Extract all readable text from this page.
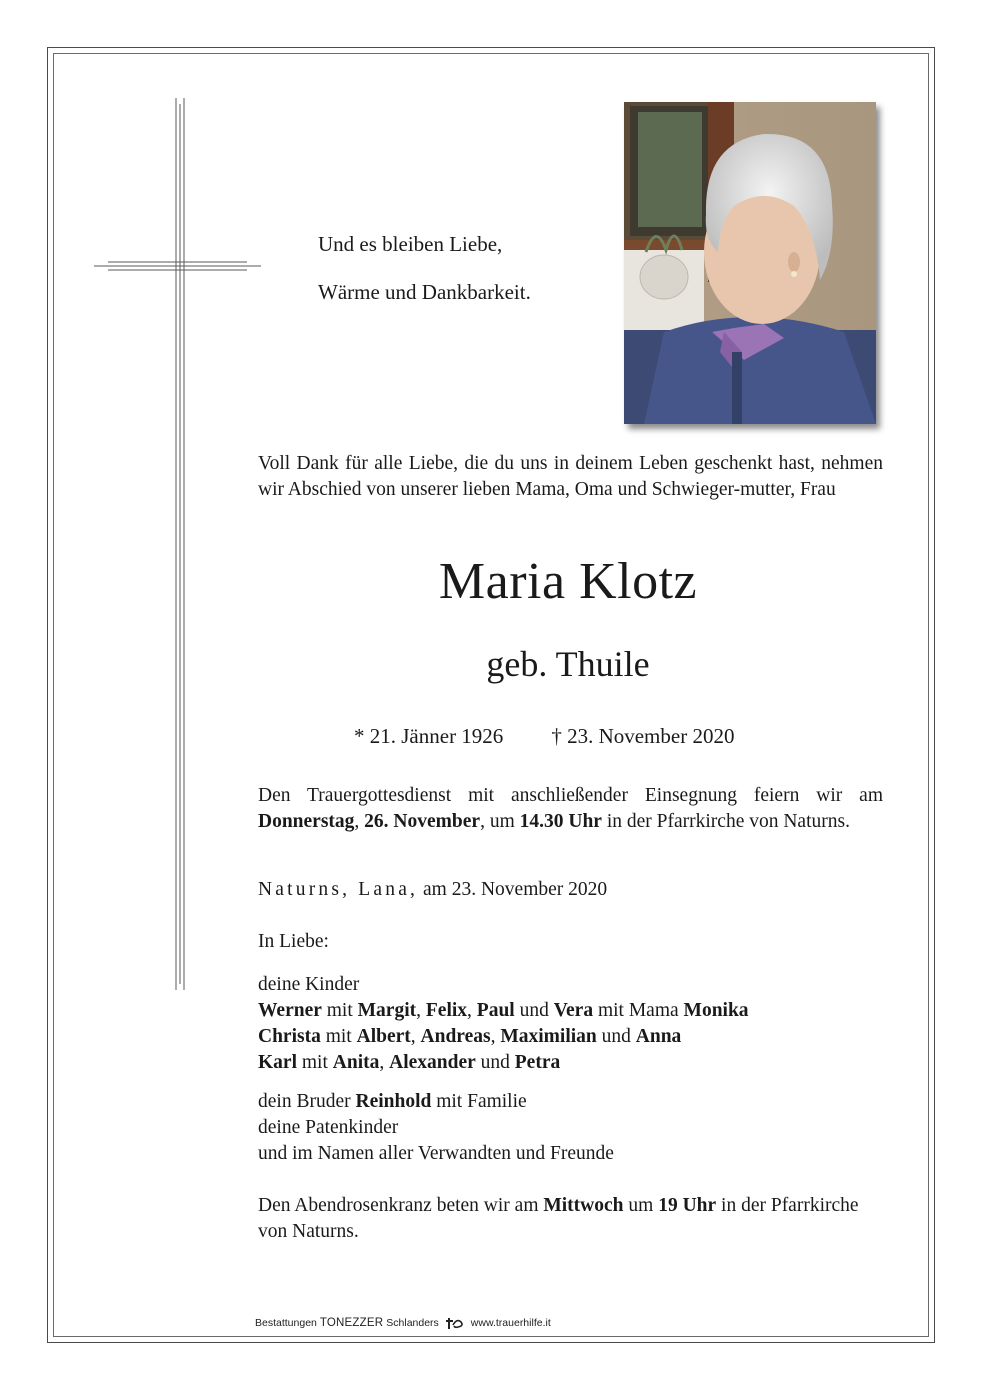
Und es bleiben Liebe,
Wärme und Dankbarkeit.
Voll Dank für alle Liebe, die du uns in deinem Leben geschenkt hast, nehmen wir Abschied von unserer lieben Mama, Oma und Schwieger-mutter, Frau
Maria Klotz
geb. Thuile
* 21. Jänner 1926 † 23. November 2020
Den Trauergottesdienst mit anschließender Einsegnung feiern wir am Donnerstag, 26. November, um 14.30 Uhr in der Pfarrkirche von Naturns.
Naturns, Lana, am 23. November 2020
In Liebe:
deine Kinder
Werner mit Margit, Felix, Paul und Vera mit Mama Monika
Christa mit Albert, Andreas, Maximilian und Anna
Karl mit Anita, Alexander und Petra
dein Bruder Reinhold mit Familie
deine Patenkinder
und im Namen aller Verwandten und Freunde
Den Abendrosenkranz beten wir am Mittwoch um 19 Uhr in der Pfarrkirche von Naturns.
Bestattungen TONEZZER Schlanders	www.trauerhilfe.it
